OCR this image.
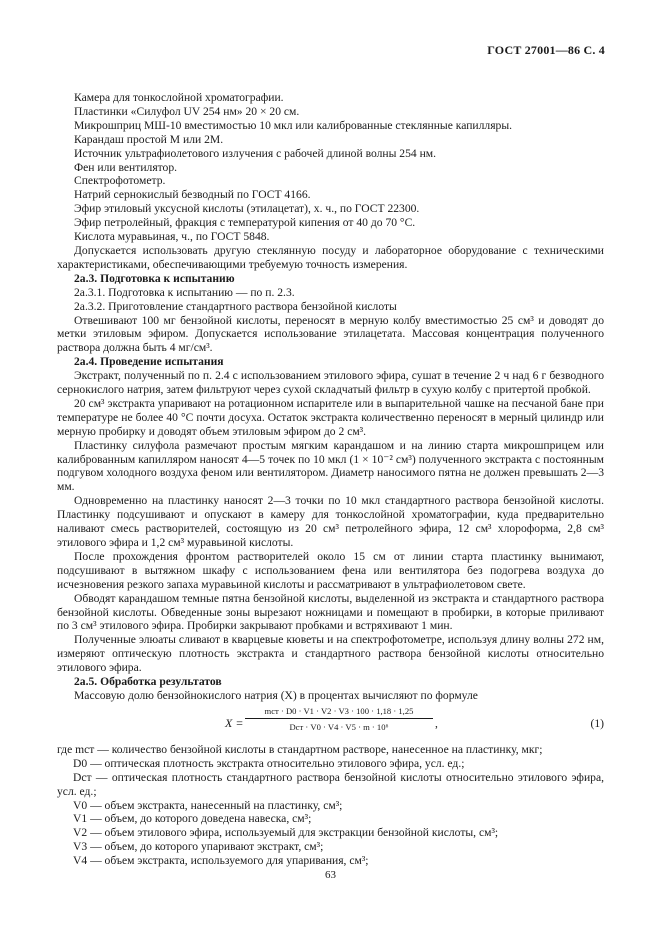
ГОСТ 27001—86 С. 4

Камера для тонкослойной хроматографии.

Пластинки «Силуфол UV 254 нм» 20 × 20 см.

Микрошприц МШ-10 вместимостью 10 мкл или калиброванные стеклянные капилляры.

Карандаш простой М или 2М.

Источник ультрафиолетового излучения с рабочей длиной волны 254 нм.

Фен или вентилятор.

Спектрофотометр.

Натрий сернокислый безводный по ГОСТ 4166.

Эфир этиловый уксусной кислоты (этилацетат), х. ч., по ГОСТ 22300.

Эфир петролейный, фракция с температурой кипения от 40 до 70 °С.

Кислота муравьиная, ч., по ГОСТ 5848.

Допускается использовать другую стеклянную посуду и лабораторное оборудование с техническими характеристиками, обеспечивающими требуемую точность измерения.

2а.3. Подготовка к испытанию

2а.3.1. Подготовка к испытанию — по п. 2.3.

2а.3.2. Приготовление стандартного раствора бензойной кислоты

Отвешивают 100 мг бензойной кислоты, переносят в мерную колбу вместимостью 25 см³ и доводят до метки этиловым эфиром. Допускается использование этилацетата. Массовая концентрация полученного раствора должна быть 4 мг/см³.

2а.4. Проведение испытания

Экстракт, полученный по п. 2.4 с использованием этилового эфира, сушат в течение 2 ч над 6 г безводного сернокислого натрия, затем фильтруют через сухой складчатый фильтр в сухую колбу с притертой пробкой.

20 см³ экстракта упаривают на ротационном испарителе или в выпарительной чашке на песчаной бане при температуре не более 40 °С почти досуха. Остаток экстракта количественно переносят в мерный цилиндр или мерную пробирку и доводят объем этиловым эфиром до 2 см³.

Пластинку силуфола размечают простым мягким карандашом и на линию старта микрошприцем или калиброванным капилляром наносят 4—5 точек по 10 мкл (1 × 10⁻² см³) полученного экстракта с постоянным подгувом холодного воздуха феном или вентилятором. Диаметр наносимого пятна не должен превышать 2—3 мм.

Одновременно на пластинку наносят 2—3 точки по 10 мкл стандартного раствора бензойной кислоты. Пластинку подсушивают и опускают в камеру для тонкослойной хроматографии, куда предварительно наливают смесь растворителей, состоящую из 20 см³ петролейного эфира, 12 см³ хлороформа, 2,8 см³ этилового эфира и 1,2 см³ муравьиной кислоты.

После прохождения фронтом растворителей около 15 см от линии старта пластинку вынимают, подсушивают в вытяжном шкафу с использованием фена или вентилятора без подогрева воздуха до исчезновения резкого запаха муравьиной кислоты и рассматривают в ультрафиолетовом свете.

Обводят карандашом темные пятна бензойной кислоты, выделенной из экстракта и стандартного раствора бензойной кислоты. Обведенные зоны вырезают ножницами и помещают в пробирки, в которые приливают по 3 см³ этилового эфира. Пробирки закрывают пробками и встряхивают 1 мин.

Полученные элюаты сливают в кварцевые кюветы и на спектрофотометре, используя длину волны 272 нм, измеряют оптическую плотность экстракта и стандартного раствора бензойной кислоты относительно этилового эфира.

2а.5. Обработка результатов

Массовую долю бензойнокислого натрия (X) в процентах вычисляют по формуле

X =
mст · D0 · V1 · V2 · V3 · 100 · 1,18 · 1,25
Dст · V0 · V4 · V5 · m · 10⁶	,	(1)

где mст — количество бензойной кислоты в стандартном растворе, нанесенное на пластинку, мкг;

D0 — оптическая плотность экстракта относительно этилового эфира, усл. ед.;

Dст — оптическая плотность стандартного раствора бензойной кислоты относительно этилового эфира, усл. ед.;

V0 — объем экстракта, нанесенный на пластинку, см³;

V1 — объем, до которого доведена навеска, см³;

V2 — объем этилового эфира, используемый для экстракции бензойной кислоты, см³;

V3 — объем, до которого упаривают экстракт, см³;

V4 — объем экстракта, используемого для упаривания, см³;

63
